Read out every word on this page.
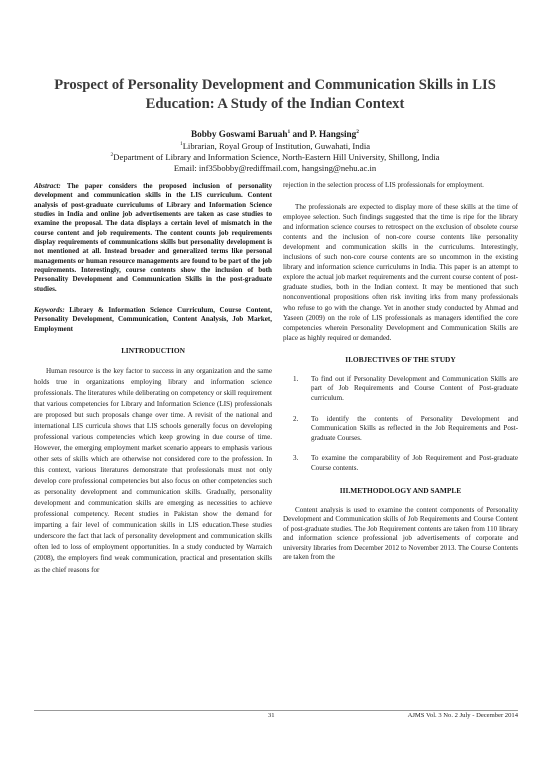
Prospect of Personality Development and Communication Skills in LIS Education: A Study of the Indian Context
Bobby Goswami Baruah$^1$ and P. Hangsing$^2$
$^1$Librarian, Royal Group of Institution, Guwahati, India
$^2$Department of Library and Information Science, North-Eastern Hill University, Shillong, India
Email: inf35bobby@rediffmail.com, hangsing@nehu.ac.in

Abstract: The paper considers the proposed inclusion of personality development and communication skills in the LIS curriculum. Content analysis of post-graduate curriculums of Library and Information Science studies in India and online job advertisements are taken as case studies to examine the proposal. The data displays a certain level of mismatch in the course content and job requirements. The content counts job requirements display requirements of communications skills but personality development is not mentioned at all. Instead broader and generalized terms like personal managements or human resource managements are found to be part of the job requirements. Interestingly, course contents show the inclusion of both Personality Development and Communication Skills in the post-graduate studies.

Keywords: Library & Information Science Curriculum, Course Content, Personality Development, Communication, Content Analysis, Job Market, Employment

I.INTRODUCTION

Human resource is the key factor to success in any organization and the same holds true in organizations employing library and information science professionals. The literatures while deliberating on competency or skill requirement that various competencies for Library and Information Science (LIS) professionals are proposed but such proposals change over time. A revisit of the national and international LIS curricula shows that LIS schools generally focus on developing professional various competencies which keep growing in due course of time. However, the emerging employment market scenario appears to emphasis various other sets of skills which are otherwise not considered core to the profession. In this context, various literatures demonstrate that professionals must not only develop core professional competencies but also focus on other competencies such as personality development and communication skills. Gradually, personality development and communication skills are emerging as necessities to achieve professional competency. Recent studies in Pakistan show the demand for imparting a fair level of communication skills in LIS education.These studies underscore the fact that lack of personality development and communication skills often led to loss of employment opportunities. In a study conducted by Warraich (2008), the employers find weak communication, practical and presentation skills as the chief reasons for

rejection in the selection process of LIS professionals for employment.

The professionals are expected to display more of these skills at the time of employee selection. Such findings suggested that the time is ripe for the library and information science courses to retrospect on the exclusion of obsolete course contents and the inclusion of non-core course contents like personality development and communication skills in the curriculums. Interestingly, inclusions of such non-core course contents are so uncommon in the existing library and information science curriculums in India. This paper is an attempt to explore the actual job market requirements and the current course content of post-graduate studies, both in the Indian context. It may be mentioned that such nonconventional propositions often risk inviting irks from many professionals who refuse to go with the change. Yet in another study conducted by Ahmad and Yaseen (2009) on the role of LIS professionals as managers identified the core competencies wherein Personality Development and Communication Skills are place as highly required or demanded.

II.OBJECTIVES OF THE STUDY
1.	To find out if Personality Development and Communication Skills are part of Job Requirements and Course Content of Post-graduate curriculum.
2.	To identify the contents of Personality Development and Communication Skills as reflected in the Job Requirements and Post-graduate Courses.
3.	To examine the comparability of Job Requirement and Post-graduate Course contents.
III.METHODOLOGY AND SAMPLE

Content analysis is used to examine the content components of Personality Development and Communication skills of Job Requirements and Course Content of post-graduate studies. The Job Requirement contents are taken from 110 library and information science professional job advertisements of corporate and university libraries from December 2012 to November 2013. The Course Contents are taken from the

31	AJMS Vol. 3 No. 2 July - December 2014
